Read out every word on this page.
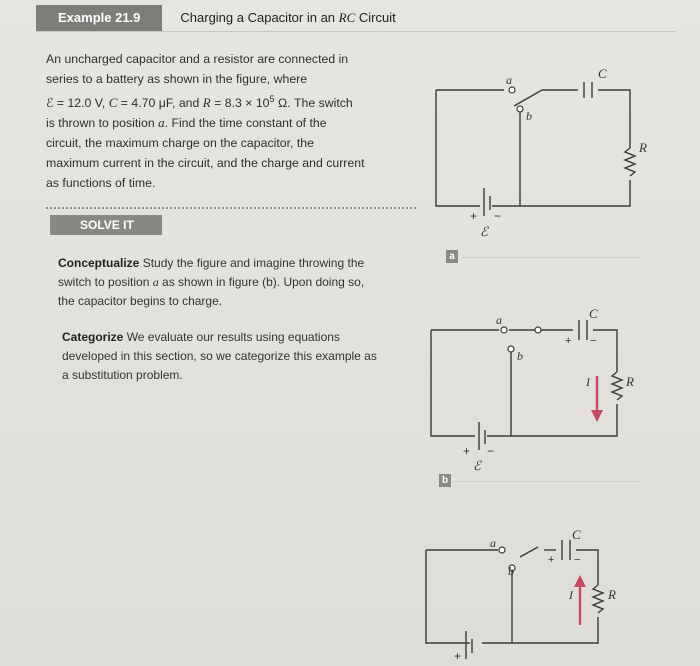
Example 21.9	Charging a Capacitor in an RC Circuit
An uncharged capacitor and a resistor are connected in
series to a battery as shown in the figure, where
ℰ = 12.0 V, C = 4.70 μF, and $R = 8.3 \times 10^5$ Ω. The switch
is thrown to position a. Find the time constant of the
circuit, the maximum charge on the capacitor, the
maximum current in the circuit, and the charge and current
as functions of time.
SOLVE IT
Conceptualize Study the figure and imagine throwing the
switch to position a as shown in figure (b). Upon doing so,
the capacitor begins to charge.
Categorize We evaluate our results using equations
developed in this section, so we categorize this example as
a substitution problem.
a
b
C
R
+ −
ℰ
a
a
b
C
+ −
R
I
+ −
ℰ
b
a
b
C
+ −
R
I
+
